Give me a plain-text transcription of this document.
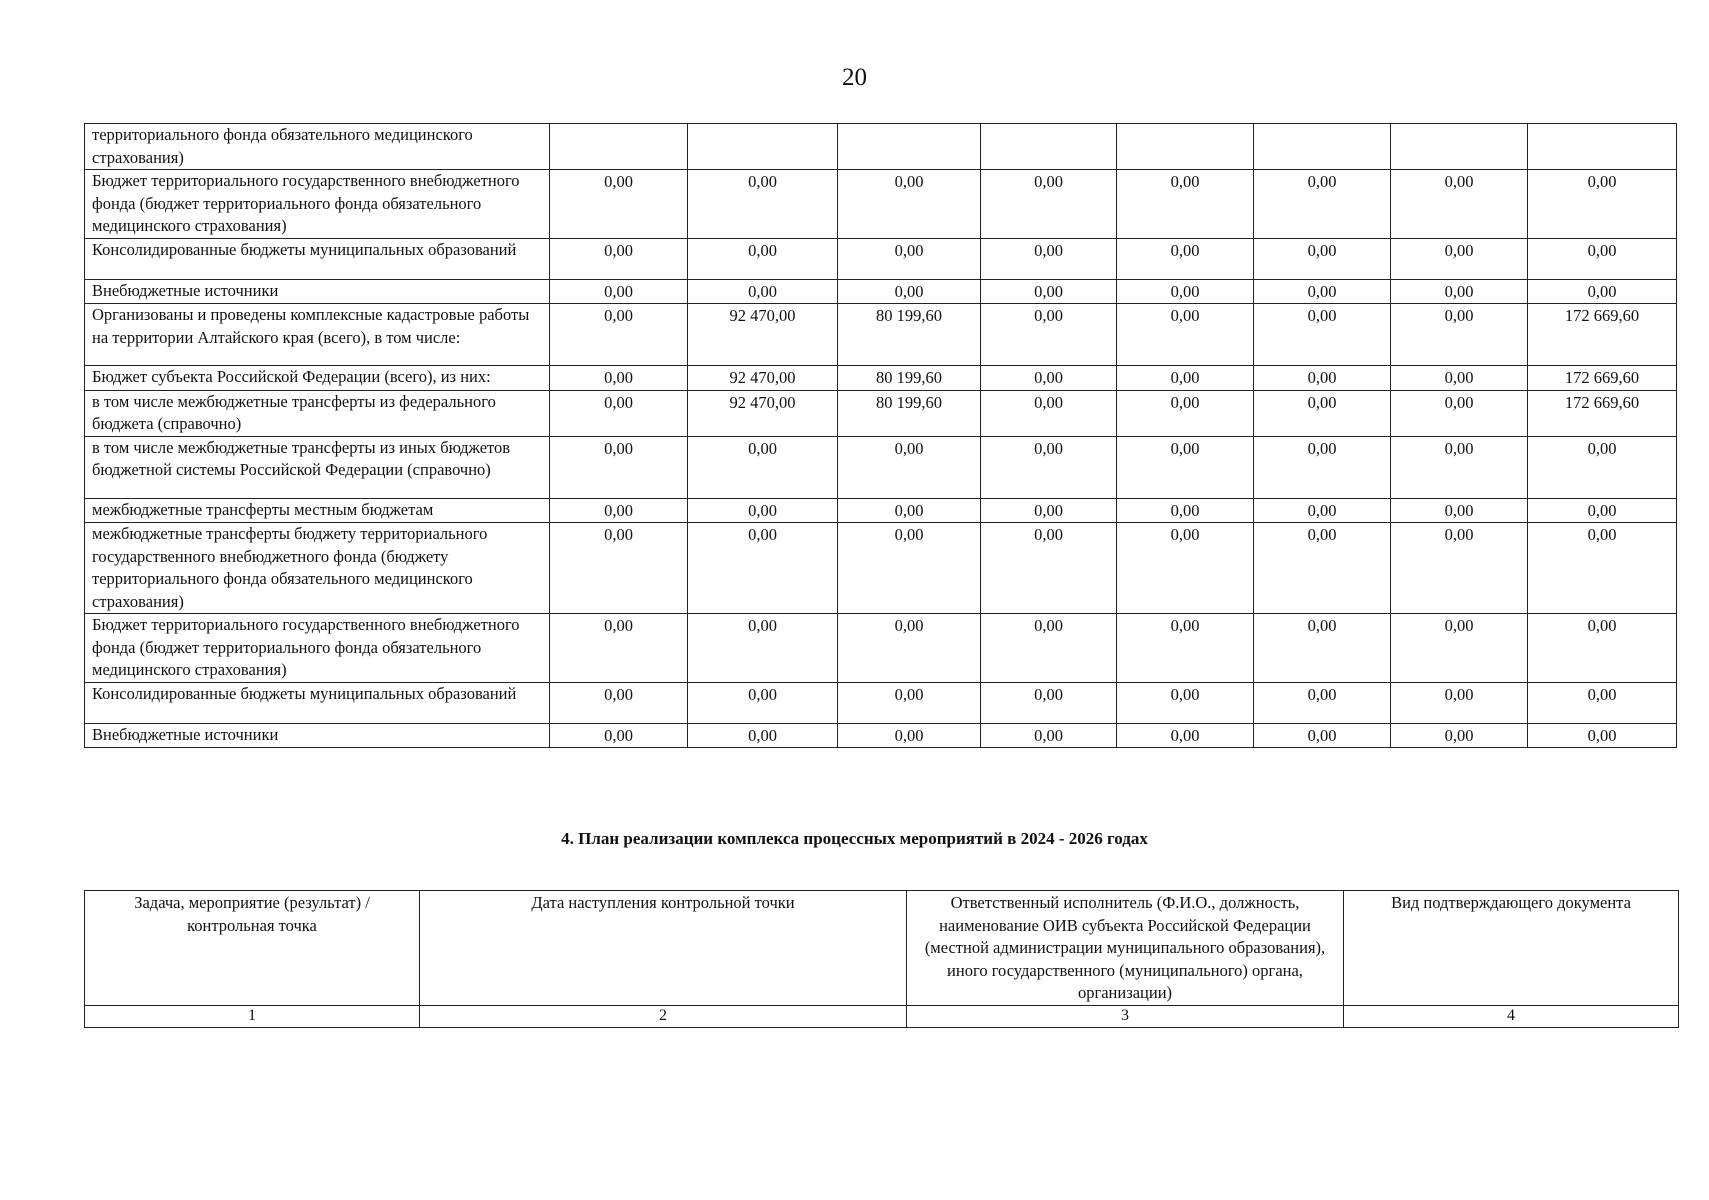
20
территориального фонда обязательного медицинского страхования)								
Бюджет территориального государственного внебюджетного фонда (бюджет территориального фонда обязательного медицинского страхования)	0,00	0,00	0,00	0,00	0,00	0,00	0,00	0,00
Консолидированные бюджеты муниципальных образований	0,00	0,00	0,00	0,00	0,00	0,00	0,00	0,00
Внебюджетные источники	0,00	0,00	0,00	0,00	0,00	0,00	0,00	0,00
Организованы и проведены комплексные кадастровые работы на территории Алтайского края (всего), в том числе:	0,00	92 470,00	80 199,60	0,00	0,00	0,00	0,00	172 669,60
Бюджет субъекта Российской Федерации (всего), из них:	0,00	92 470,00	80 199,60	0,00	0,00	0,00	0,00	172 669,60
в том числе межбюджетные трансферты из федерального бюджета (справочно)	0,00	92 470,00	80 199,60	0,00	0,00	0,00	0,00	172 669,60
в том числе межбюджетные трансферты из иных бюджетов бюджетной системы Российской Федерации (справочно)	0,00	0,00	0,00	0,00	0,00	0,00	0,00	0,00
межбюджетные трансферты местным бюджетам	0,00	0,00	0,00	0,00	0,00	0,00	0,00	0,00
межбюджетные трансферты бюджету территориального государственного внебюджетного фонда (бюджету территориального фонда обязательного медицинского страхования)	0,00	0,00	0,00	0,00	0,00	0,00	0,00	0,00
Бюджет территориального государственного внебюджетного фонда (бюджет территориального фонда обязательного медицинского страхования)	0,00	0,00	0,00	0,00	0,00	0,00	0,00	0,00
Консолидированные бюджеты муниципальных образований	0,00	0,00	0,00	0,00	0,00	0,00	0,00	0,00
Внебюджетные источники	0,00	0,00	0,00	0,00	0,00	0,00	0,00	0,00
4. План реализации комплекса процессных мероприятий в 2024 - 2026 годах
Задача, мероприятие (результат) / контрольная точка	Дата наступления контрольной точки	Ответственный исполнитель (Ф.И.О., должность, наименование ОИВ субъекта Российской Федерации (местной администрации муниципального образования), иного государственного (муниципального) органа, организации)	Вид подтверждающего документа
1	2	3	4
